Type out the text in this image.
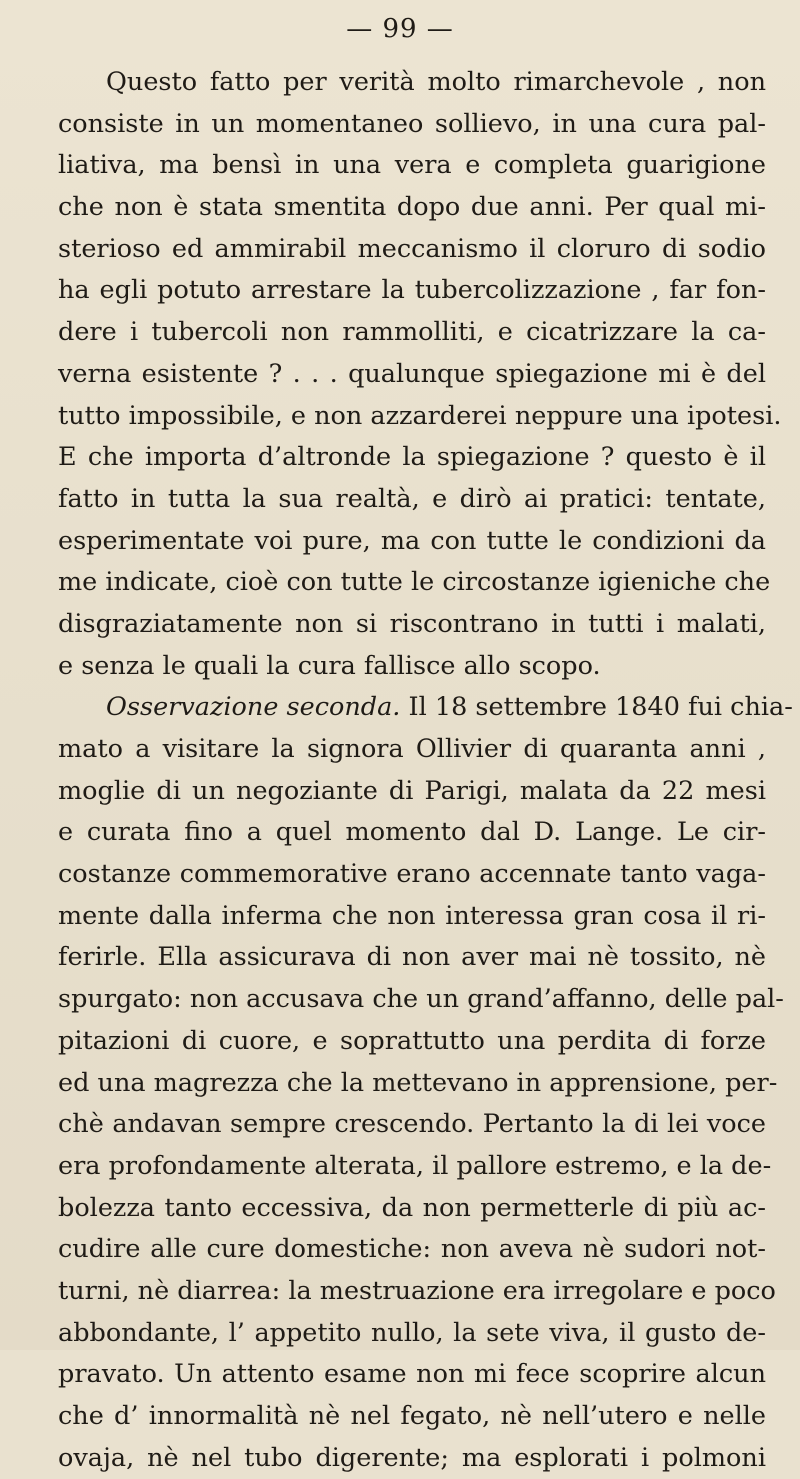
— 99 —
Questo fatto per verità molto rimarchevole , non
consiste in un momentaneo sollievo, in una cura pal-
liativa, ma bensì in una vera e completa guarigione
che non è stata smentita dopo due anni. Per qual mi-
sterioso ed ammirabil meccanismo il cloruro di sodio
ha egli potuto arrestare la tubercolizzazione , far fon-
dere i tubercoli non rammolliti, e cicatrizzare la ca-
verna esistente ? . . . qualunque spiegazione mi è del
tutto impossibile, e non azzarderei neppure una ipotesi.
E che importa d’altronde la spiegazione ? questo è il
fatto in tutta la sua realtà, e dirò ai pratici: tentate,
esperimentate voi pure, ma con tutte le condizioni da
me indicate, cioè con tutte le circostanze igieniche che
disgraziatamente non si riscontrano in tutti i malati,
e senza le quali la cura fallisce allo scopo.
Osservazione seconda. Il 18 settembre 1840 fui chia-
mato a visitare la signora Ollivier di quaranta anni ,
moglie di un negoziante di Parigi, malata da 22 mesi
e curata fino a quel momento dal D. Lange. Le cir-
costanze commemorative erano accennate tanto vaga-
mente dalla inferma che non interessa gran cosa il ri-
ferirle. Ella assicurava di non aver mai nè tossito, nè
spurgato: non accusava che un grand’affanno, delle pal-
pitazioni di cuore, e soprattutto una perdita di forze
ed una magrezza che la mettevano in apprensione, per-
chè andavan sempre crescendo. Pertanto la di lei voce
era profondamente alterata, il pallore estremo, e la de-
bolezza tanto eccessiva, da non permetterle di più ac-
cudire alle cure domestiche: non aveva nè sudori not-
turni, nè diarrea: la mestruazione era irregolare e poco
abbondante, l’ appetito nullo, la sete viva, il gusto de-
pravato. Un attento esame non mi fece scoprire alcun
che d’ innormalità nè nel fegato, nè nell’utero e nelle
ovaja, nè nel tubo digerente; ma esplorati i polmoni
